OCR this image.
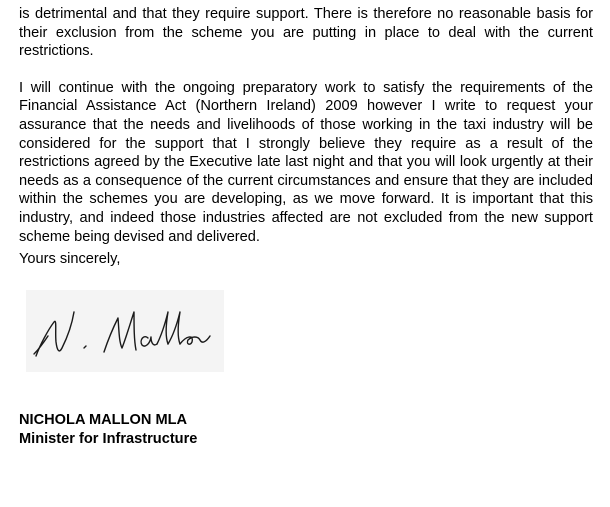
is detrimental and that they require support. There is therefore no reasonable basis for their exclusion from the scheme you are putting in place to deal with the current restrictions.

I will continue with the ongoing preparatory work to satisfy the requirements of the Financial Assistance Act (Northern Ireland) 2009 however I write to request your assurance that the needs and livelihoods of those working in the taxi industry will be considered for the support that I strongly believe they require as a result of the restrictions agreed by the Executive late last night and that you will look urgently at their needs as a consequence of the current circumstances and ensure that they are included within the schemes you are developing, as we move forward. It is important that this industry, and indeed those industries affected are not excluded from the new support scheme being devised and delivered.

Yours sincerely,

NICHOLA MALLON MLA
Minister for Infrastructure
